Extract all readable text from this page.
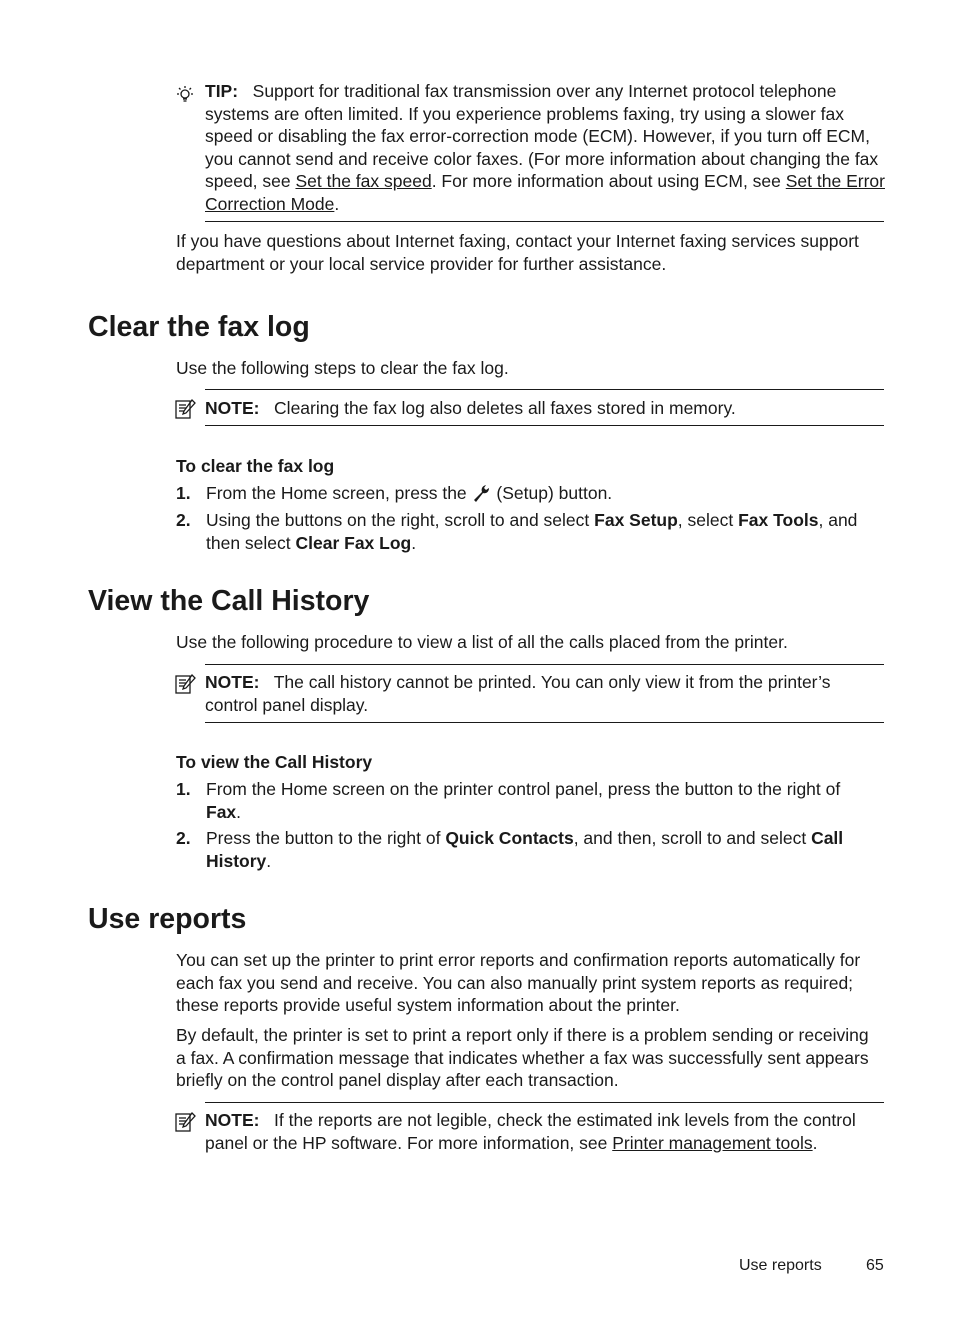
TIP: Support for traditional fax transmission over any Internet protocol telephone systems are often limited. If you experience problems faxing, try using a slower fax speed or disabling the fax error-correction mode (ECM). However, if you turn off ECM, you cannot send and receive color faxes. (For more information about changing the fax speed, see Set the fax speed. For more information about using ECM, see Set the Error Correction Mode.
If you have questions about Internet faxing, contact your Internet faxing services support department or your local service provider for further assistance.
Clear the fax log
Use the following steps to clear the fax log.
NOTE: Clearing the fax log also deletes all faxes stored in memory.
To clear the fax log
1. From the Home screen, press the  (Setup) button.
2. Using the buttons on the right, scroll to and select Fax Setup, select Fax Tools, and then select Clear Fax Log.
View the Call History
Use the following procedure to view a list of all the calls placed from the printer.
NOTE: The call history cannot be printed. You can only view it from the printer’s control panel display.
To view the Call History
1. From the Home screen on the printer control panel, press the button to the right of Fax.
2. Press the button to the right of Quick Contacts, and then, scroll to and select Call History.
Use reports
You can set up the printer to print error reports and confirmation reports automatically for each fax you send and receive. You can also manually print system reports as required; these reports provide useful system information about the printer.
By default, the printer is set to print a report only if there is a problem sending or receiving a fax. A confirmation message that indicates whether a fax was successfully sent appears briefly on the control panel display after each transaction.
NOTE: If the reports are not legible, check the estimated ink levels from the control panel or the HP software. For more information, see Printer management tools.
Use reports	65
